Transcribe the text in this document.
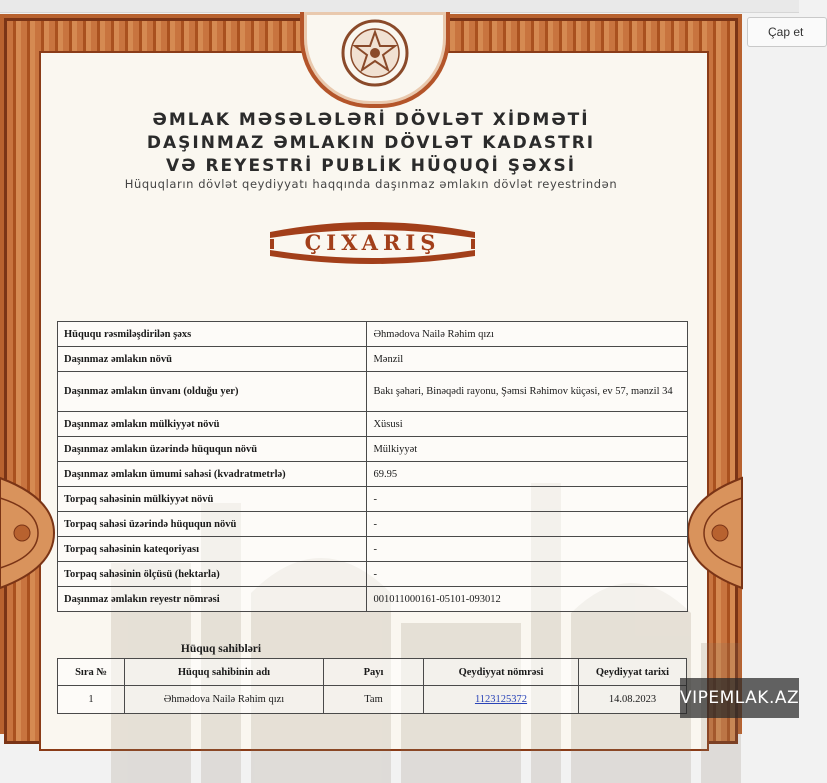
Çap et
ƏMLAK MƏSƏLƏLƏRİ DÖVLƏT XİDMƏTİ
DAŞINMAZ ƏMLAKIN DÖVLƏT KADASTRI
VƏ REYESTRİ PUBLİK HÜQUQİ ŞƏXSİ
Hüquqların dövlət qeydiyyatı haqqında daşınmaz əmlakın dövlət reyestrindən
ÇIXARIŞ
Hüququ rəsmiləşdirilən şəxs	Əhmədova Nailə Rəhim qızı
Daşınmaz əmlakın növü	Mənzil
Daşınmaz əmlakın ünvanı (olduğu yer)	Bakı şəhəri, Binəqədi rayonu, Şəmsi Rəhimov küçəsi, ev 57, mənzil 34
Daşınmaz əmlakın mülkiyyət növü	Xüsusi
Daşınmaz əmlakın üzərində hüququn növü	Mülkiyyət
Daşınmaz əmlakın ümumi sahəsi (kvadratmetrlə)	69.95
Torpaq sahəsinin mülkiyyət növü	-
Torpaq sahəsi üzərində hüququn növü	-
Torpaq sahəsinin kateqoriyası	-
Torpaq sahəsinin ölçüsü (hektarla)	-
Daşınmaz əmlakın reyestr nömrəsi	001011000161-05101-093012
Hüquq sahibləri
Sıra №	Hüquq sahibinin adı	Payı	Qeydiyyat nömrəsi	Qeydiyyat tarixi
1	Əhmədova Nailə Rəhim qızı	Tam	1123125372	14.08.2023 VIPEMLAK.AZ
